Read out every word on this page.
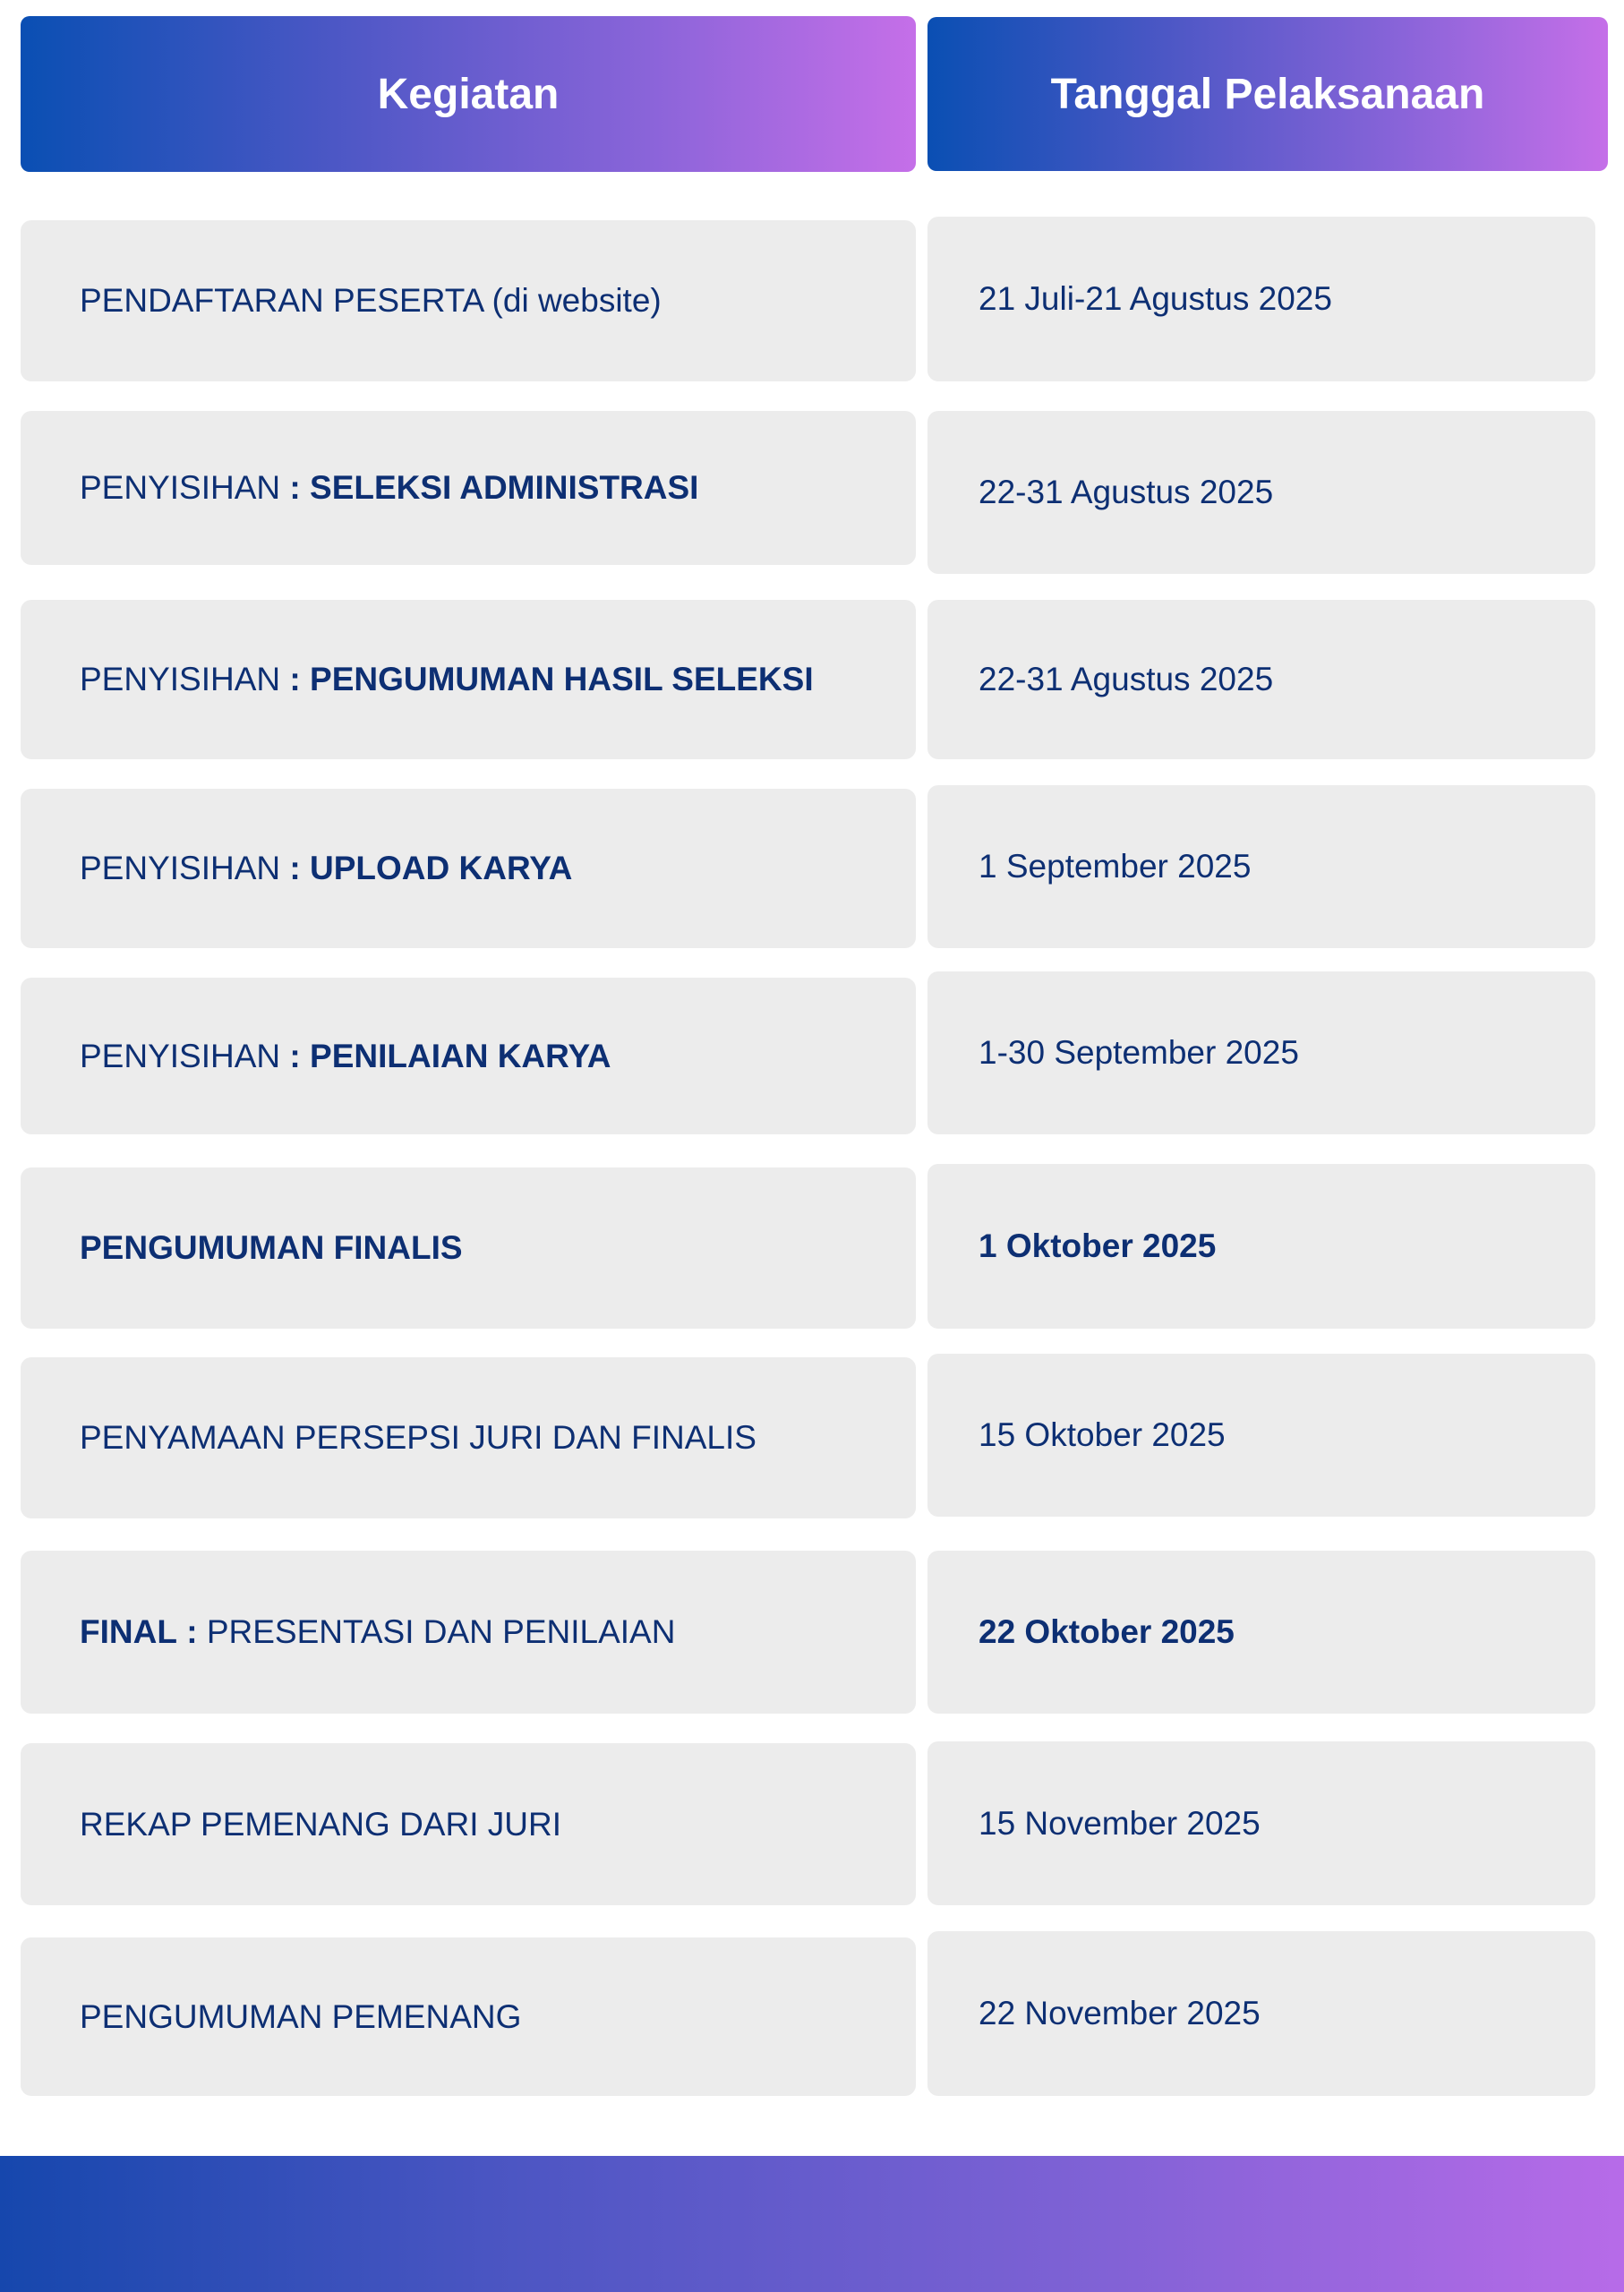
Kegiatan	Tanggal Pelaksanaan
PENDAFTARAN PESERTA (di website)	21 Juli-21 Agustus 2025
PENYISIHAN : SELEKSI ADMINISTRASI	22-31 Agustus 2025
PENYISIHAN : PENGUMUMAN HASIL SELEKSI	22-31 Agustus 2025
PENYISIHAN : UPLOAD KARYA	1 September 2025
PENYISIHAN : PENILAIAN KARYA	1-30 September 2025
PENGUMUMAN FINALIS	1 Oktober 2025
PENYAMAAN PERSEPSI JURI DAN FINALIS	15 Oktober 2025
FINAL : PRESENTASI DAN PENILAIAN	22 Oktober 2025
REKAP PEMENANG DARI JURI	15 November 2025
PENGUMUMAN PEMENANG	22 November 2025
